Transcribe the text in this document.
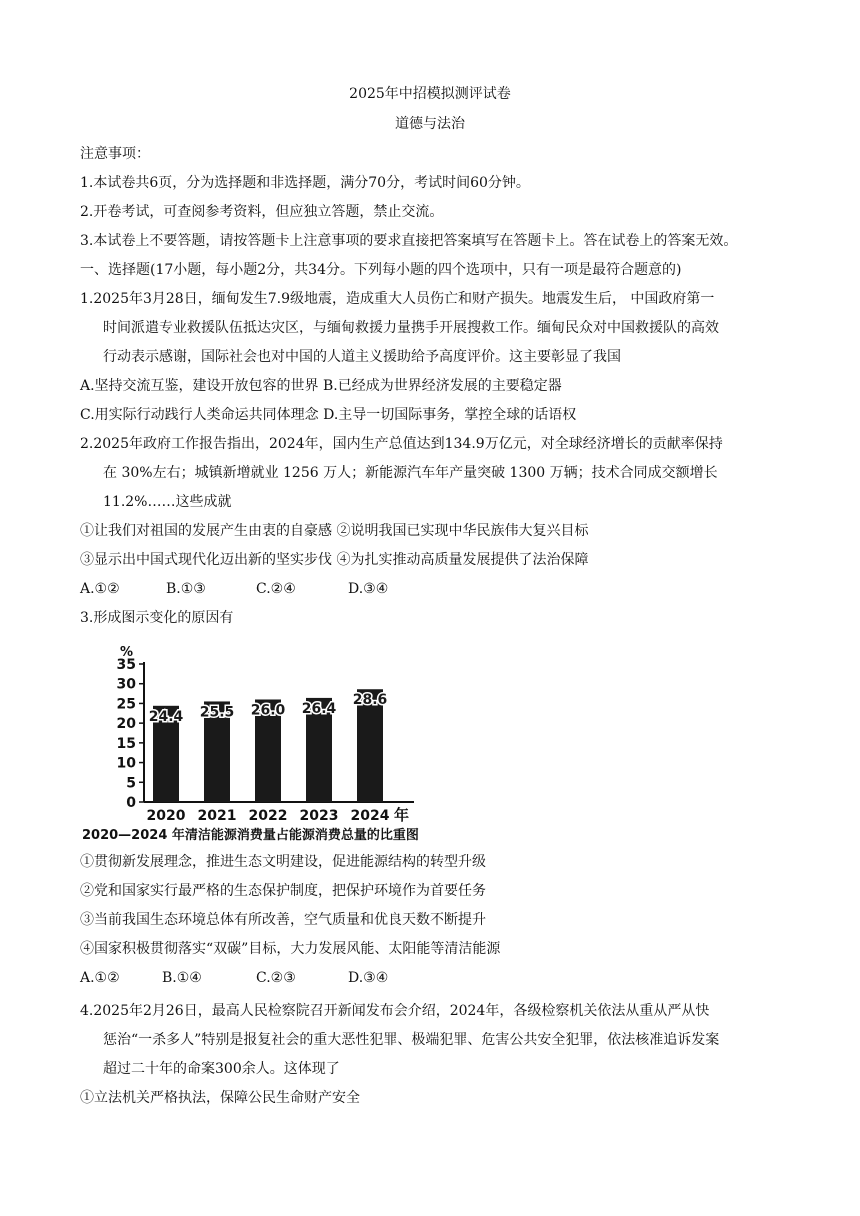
2025年中招模拟测评试卷
道德与法治
注意事项：
1.本试卷共6页，分为选择题和非选择题，满分70分，考试时间60分钟。
2.开卷考试，可查阅参考资料，但应独立答题，禁止交流。
3.本试卷上不要答题，请按答题卡上注意事项的要求直接把答案填写在答题卡上。答在试卷上的答案无效。
一、选择题(17小题，每小题2分，共34分。下列每小题的四个选项中，只有一项是最符合题意的)
1.2025年3月28日，缅甸发生7.9级地震，造成重大人员伤亡和财产损失。地震发生后， 中国政府第一
时间派遣专业救援队伍抵达灾区，与缅甸救援力量携手开展搜救工作。缅甸民众对中国救援队的高效
行动表示感谢，国际社会也对中国的人道主义援助给予高度评价。这主要彰显了我国
A.坚持交流互鉴，建设开放包容的世界 B.已经成为世界经济发展的主要稳定器
C.用实际行动践行人类命运共同体理念 D.主导一切国际事务，掌控全球的话语权
2.2025年政府工作报告指出，2024年，国内生产总值达到134.9万亿元，对全球经济增长的贡献率保持
在 30%左右；城镇新增就业 1256 万人；新能源汽车年产量突破 1300 万辆；技术合同成交额增长
11.2%……这些成就
①让我们对祖国的发展产生由衷的自豪感 ②说明我国已实现中华民族伟大复兴目标
③显示出中国式现代化迈出新的坚实步伐 ④为扎实推动高质量发展提供了法治保障
A.①②	B.①③	C.②④	D.③④
3.形成图示变化的原因有
0
5
10
15
20
25
30
35
%
24.4
2020
25.5
2021
26.0
2022
26.4
2023
28.6
2024 年
2020—2024 年清洁能源消费量占能源消费总量的比重图
①贯彻新发展理念，推进生态文明建设，促进能源结构的转型升级
②党和国家实行最严格的生态保护制度，把保护环境作为首要任务
③当前我国生态环境总体有所改善，空气质量和优良天数不断提升
④国家积极贯彻落实“双碳”目标，大力发展风能、太阳能等清洁能源
A.①②	B.①④	C.②③	D.③④
4.2025年2月26日，最高人民检察院召开新闻发布会介绍，2024年，各级检察机关依法从重从严从快
惩治“一杀多人”特别是报复社会的重大恶性犯罪、极端犯罪、危害公共安全犯罪，依法核准追诉发案
超过二十年的命案300余人。这体现了
①立法机关严格执法，保障公民生命财产安全
